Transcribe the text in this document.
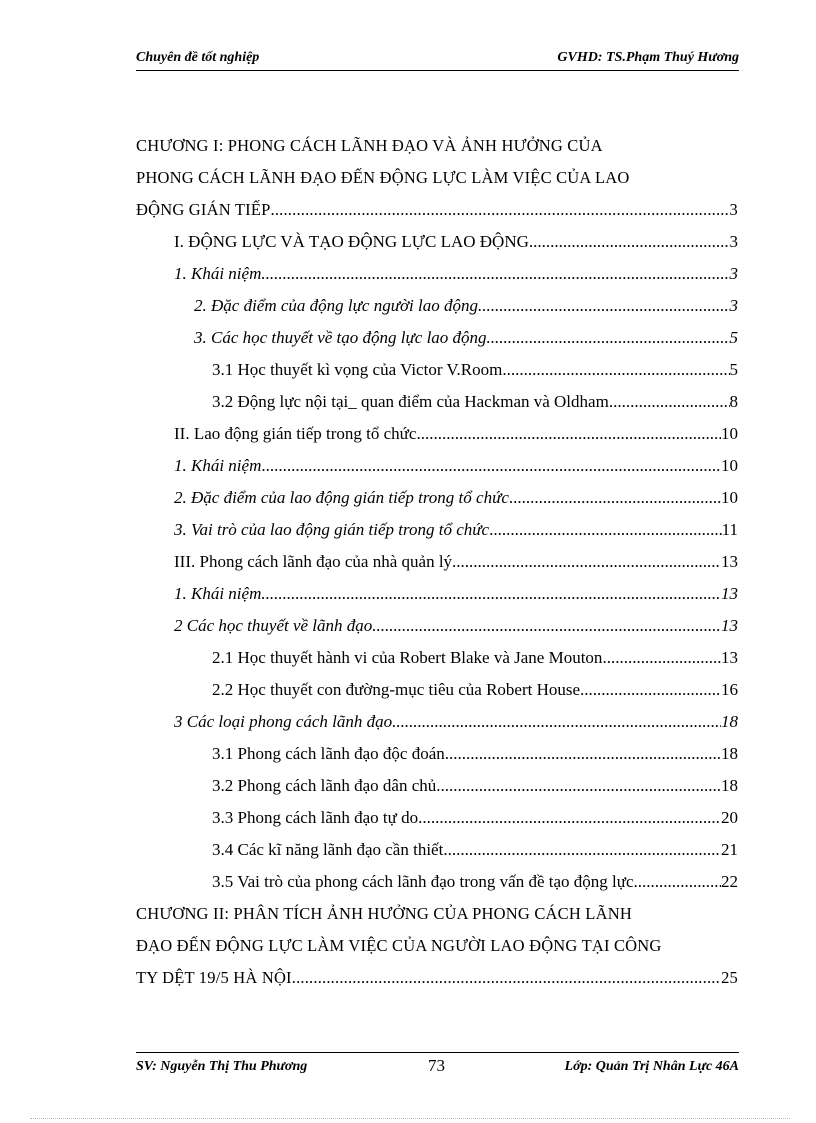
Chuyên đề tốt nghiệp	GVHD: TS.Phạm Thuý Hương
CHƯƠNG I: PHONG CÁCH LÃNH ĐẠO VÀ ẢNH HƯỞNG CỦA
PHONG CÁCH LÃNH ĐẠO ĐẾN ĐỘNG LỰC LÀM VIỆC CỦA LAO
ĐỘNG GIÁN TIẾP .....	3
I. ĐỘNG LỰC VÀ TẠO ĐỘNG LỰC LAO ĐỘNG .....	3
1. Khái niệm .....	3
2. Đặc điểm của động lực người lao động. .....	3
3. Các học thuyết về tạo động lực lao động .....	5
3.1 Học thuyết kì vọng của Victor V.Room .....	5
3.2 Động lực nội tại_ quan điểm của Hackman và Oldham .....	8
II. Lao động gián tiếp trong tổ chức .....	10
1. Khái niệm .....	10
2. Đặc điểm của lao động gián tiếp trong tổ chức .....	10
3. Vai trò của lao động gián tiếp trong tổ chức .....	11
III. Phong cách lãnh đạo của nhà quản lý .....	13
1. Khái niệm .....	13
2 Các học thuyết về lãnh đạo .....	13
2.1 Học thuyết hành vi của Robert Blake và Jane Mouton .....	13
2.2 Học thuyết con đường-mục tiêu của Robert House .....	16
3 Các loại phong cách lãnh đạo .....	18
3.1 Phong cách lãnh đạo độc đoán .....	18
3.2 Phong cách lãnh đạo dân chủ .....	18
3.3 Phong cách lãnh đạo tự do .....	20
3.4 Các kĩ năng lãnh đạo cần thiết .....	21
3.5 Vai trò của phong cách lãnh đạo trong vấn đề tạo động lực .....	22
CHƯƠNG II: PHÂN TÍCH ẢNH HƯỞNG CỦA PHONG CÁCH LÃNH
ĐẠO ĐẾN ĐỘNG LỰC LÀM VIỆC CỦA NGƯỜI LAO ĐỘNG TẠI CÔNG
TY DỆT 19/5 HÀ NỘI. .....	25
SV: Nguyễn Thị Thu Phương	73	Lớp: Quản Trị Nhân Lực 46A
